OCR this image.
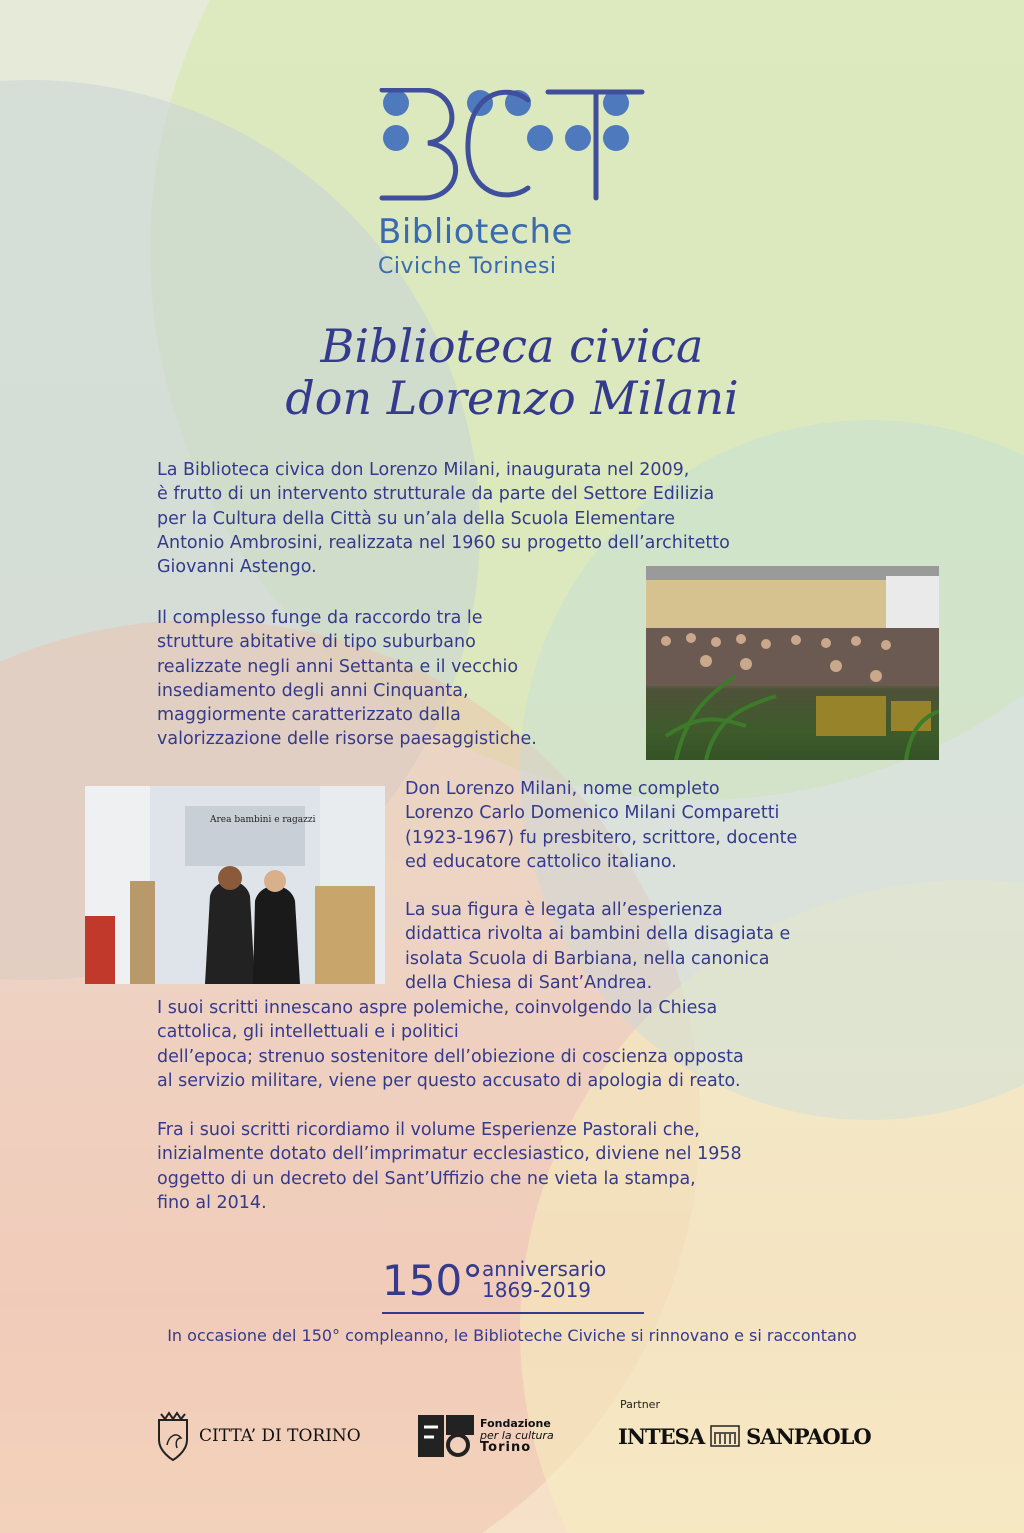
Biblioteche
Civiche Torinesi
Biblioteca civica
don Lorenzo Milani

La Biblioteca civica don Lorenzo Milani, inaugurata nel 2009,
è frutto di un intervento strutturale da parte del Settore Edilizia
per la Cultura della Città su un’ala della Scuola Elementare
Antonio Ambrosini, realizzata nel 1960 su progetto dell’architetto
Giovanni Astengo.

Il complesso funge da raccordo tra le
strutture abitative di tipo suburbano
realizzate negli anni Settanta e il vecchio
insediamento degli anni Cinquanta,
maggiormente caratterizzato dalla
valorizzazione delle risorse paesaggistiche.

Don Lorenzo Milani, nome completo
Lorenzo Carlo Domenico Milani Comparetti
(1923-1967) fu presbitero, scrittore, docente
ed educatore cattolico italiano.

La sua figura è legata all’esperienza
didattica rivolta ai bambini della disagiata e
isolata Scuola di Barbiana, nella canonica
della Chiesa di Sant’Andrea.

I suoi scritti innescano aspre polemiche, coinvolgendo la Chiesa
cattolica, gli intellettuali e i politici
dell’epoca; strenuo sostenitore dell’obiezione di coscienza opposta
al servizio militare, viene per questo accusato di apologia di reato.

Fra i suoi scritti ricordiamo il volume Esperienze Pastorali che,
inizialmente dotato dell’imprimatur ecclesiastico, diviene nel 1958
oggetto di un decreto del Sant’Uffizio che ne vieta la stampa,
fino al 2014.

Area bambini e ragazzi
150°
anniversario
1869-2019
In occasione del 150° compleanno, le Biblioteche Civiche si rinnovano e si raccontano
Partner
CITTA’ DI TORINO
Fondazione
per la cultura
Torino	INTESA SANPAOLO
